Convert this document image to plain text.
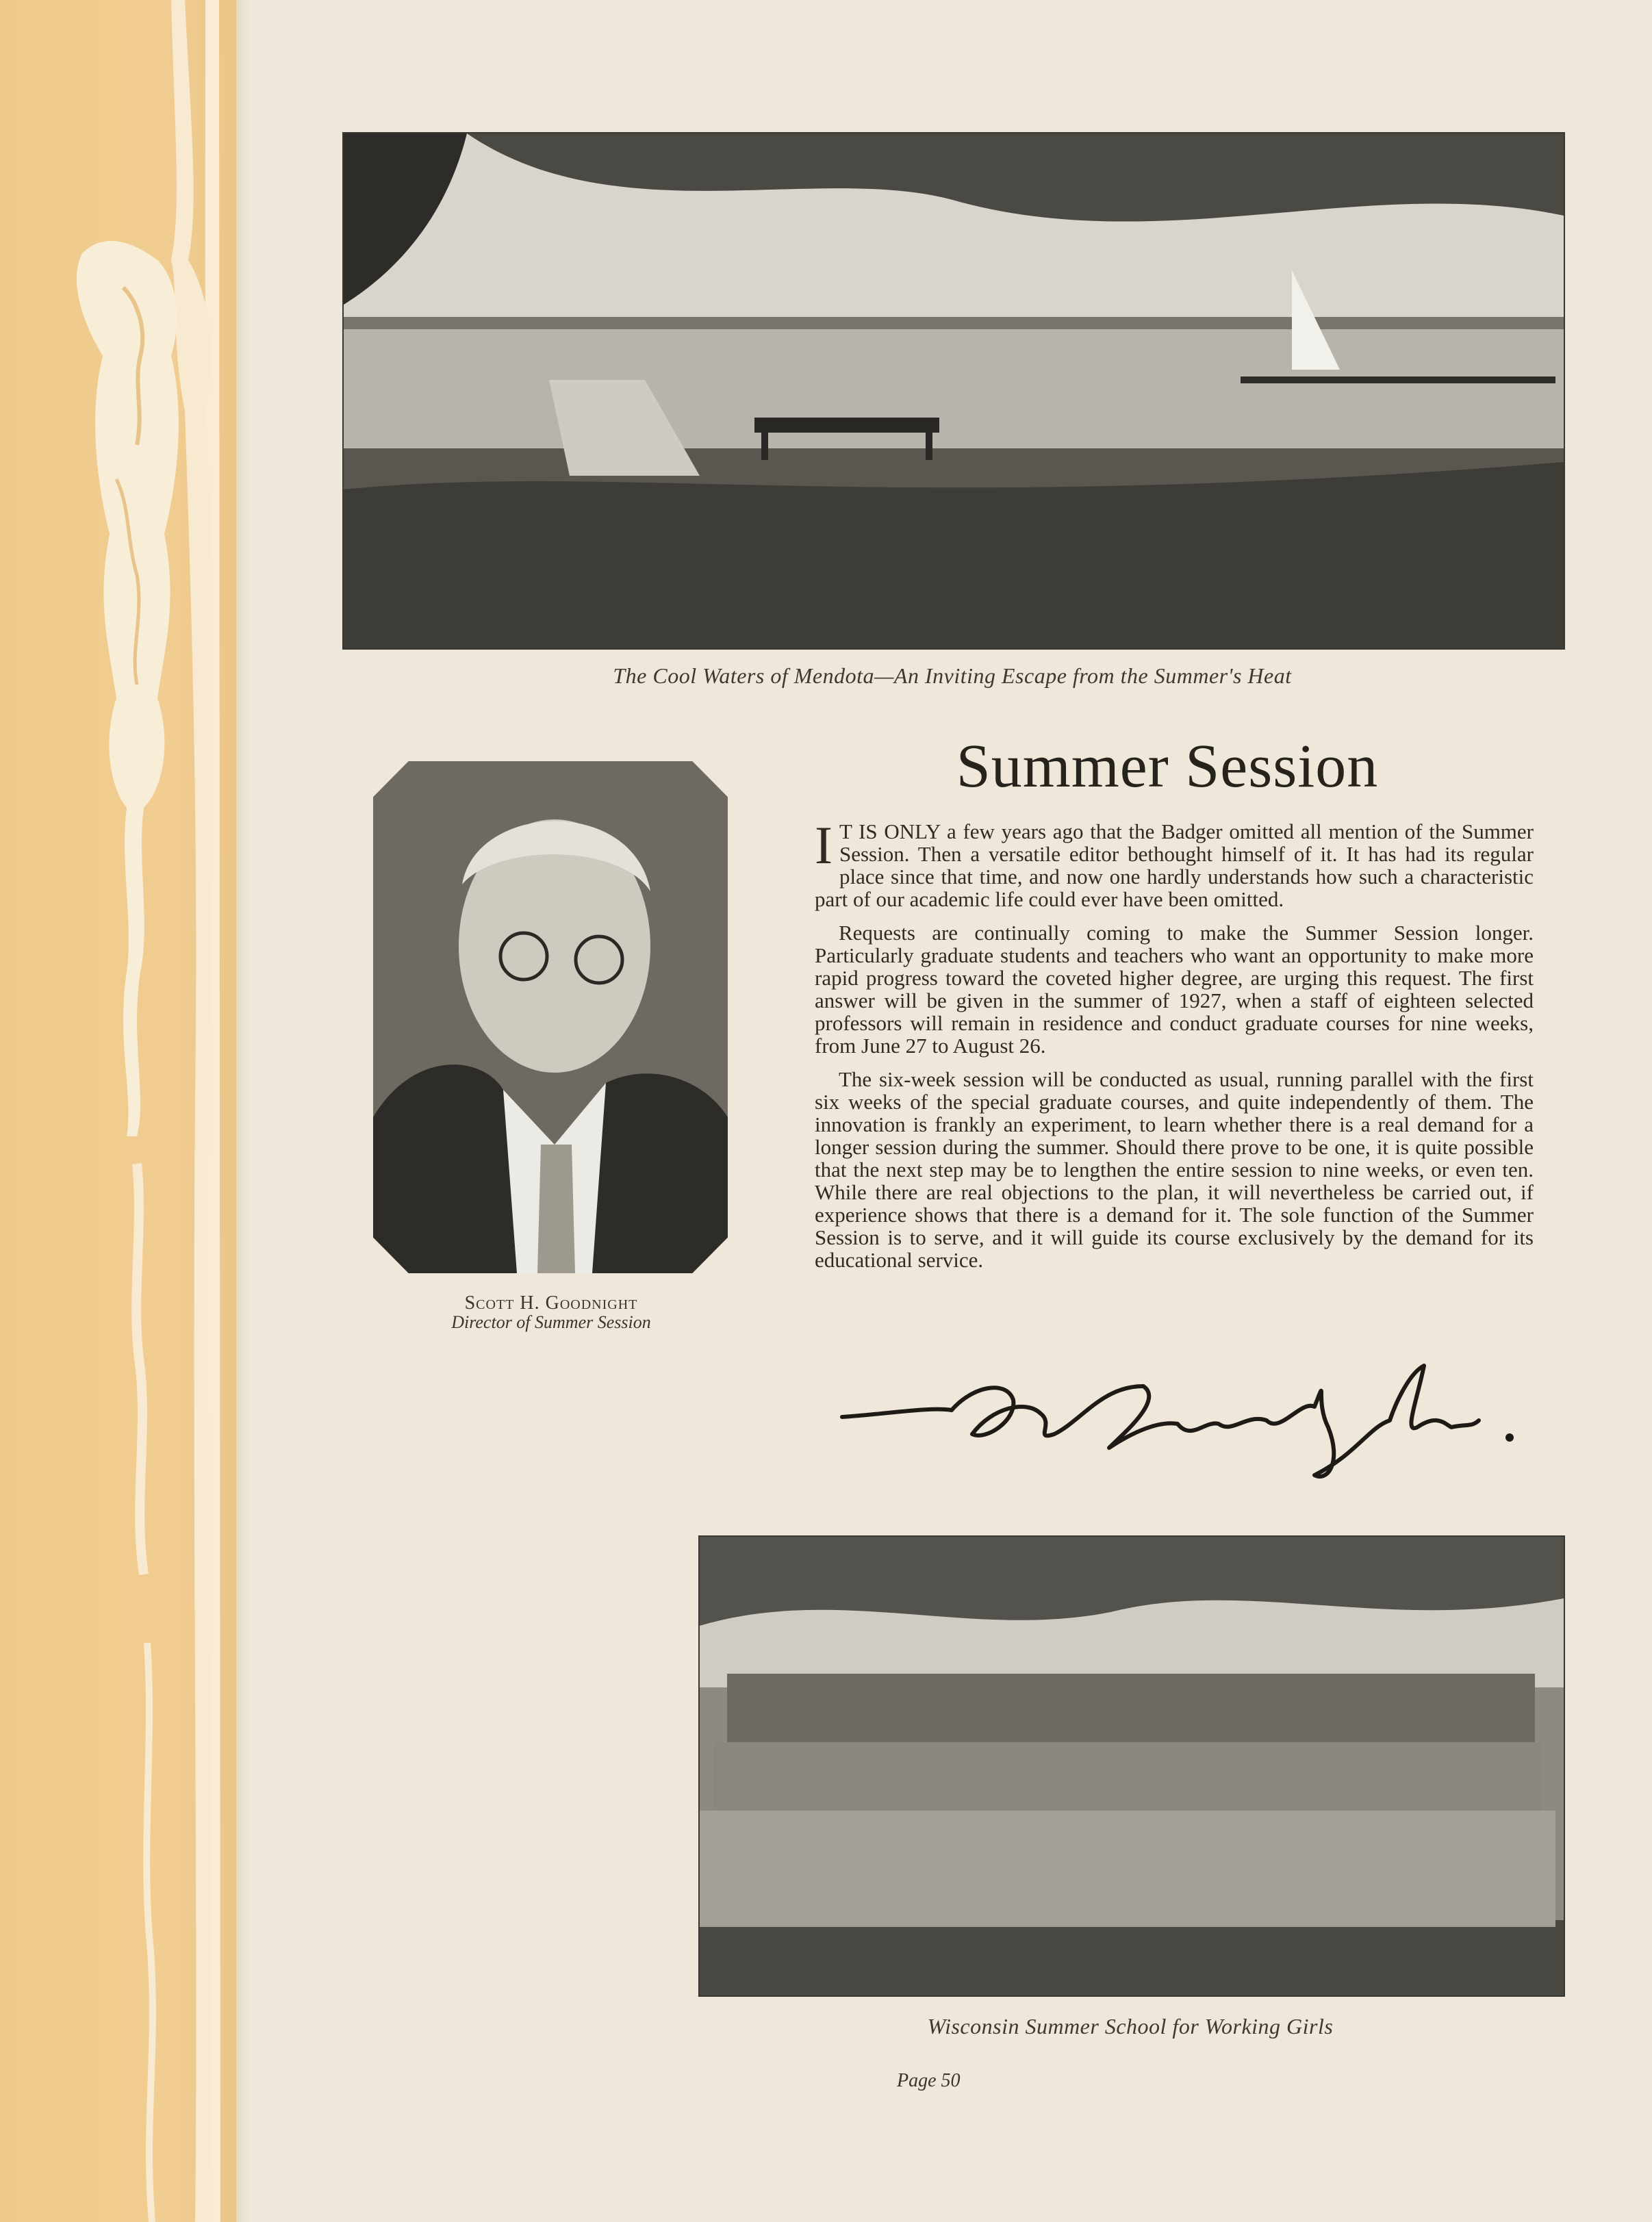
The Cool Waters of Mendota—An Inviting Escape from the Summer's Heat
Scott H. Goodnight
Director of Summer Session
Summer Session

I T IS ONLY a few years ago that the Badger omitted all mention of the Summer Session. Then a versatile editor bethought himself of it. It has had its regular place since that time, and now one hardly understands how such a characteristic part of our academic life could ever have been omitted.

Requests are continually coming to make the Summer Session longer. Particularly graduate students and teachers who want an opportunity to make more rapid progress toward the coveted higher degree, are urging this request. The first answer will be given in the summer of 1927, when a staff of eighteen selected professors will remain in residence and conduct graduate courses for nine weeks, from June 27 to August 26.

The six-week session will be conducted as usual, running parallel with the first six weeks of the special graduate courses, and quite independently of them. The innovation is frankly an experiment, to learn whether there is a real demand for a longer session during the summer. Should there prove to be one, it is quite possible that the next step may be to lengthen the entire session to nine weeks, or even ten. While there are real objections to the plan, it will nevertheless be carried out, if experience shows that there is a demand for it. The sole function of the Summer Session is to serve, and it will guide its course exclusively by the demand for its educational service.

Wisconsin Summer School for Working Girls
Page 50
